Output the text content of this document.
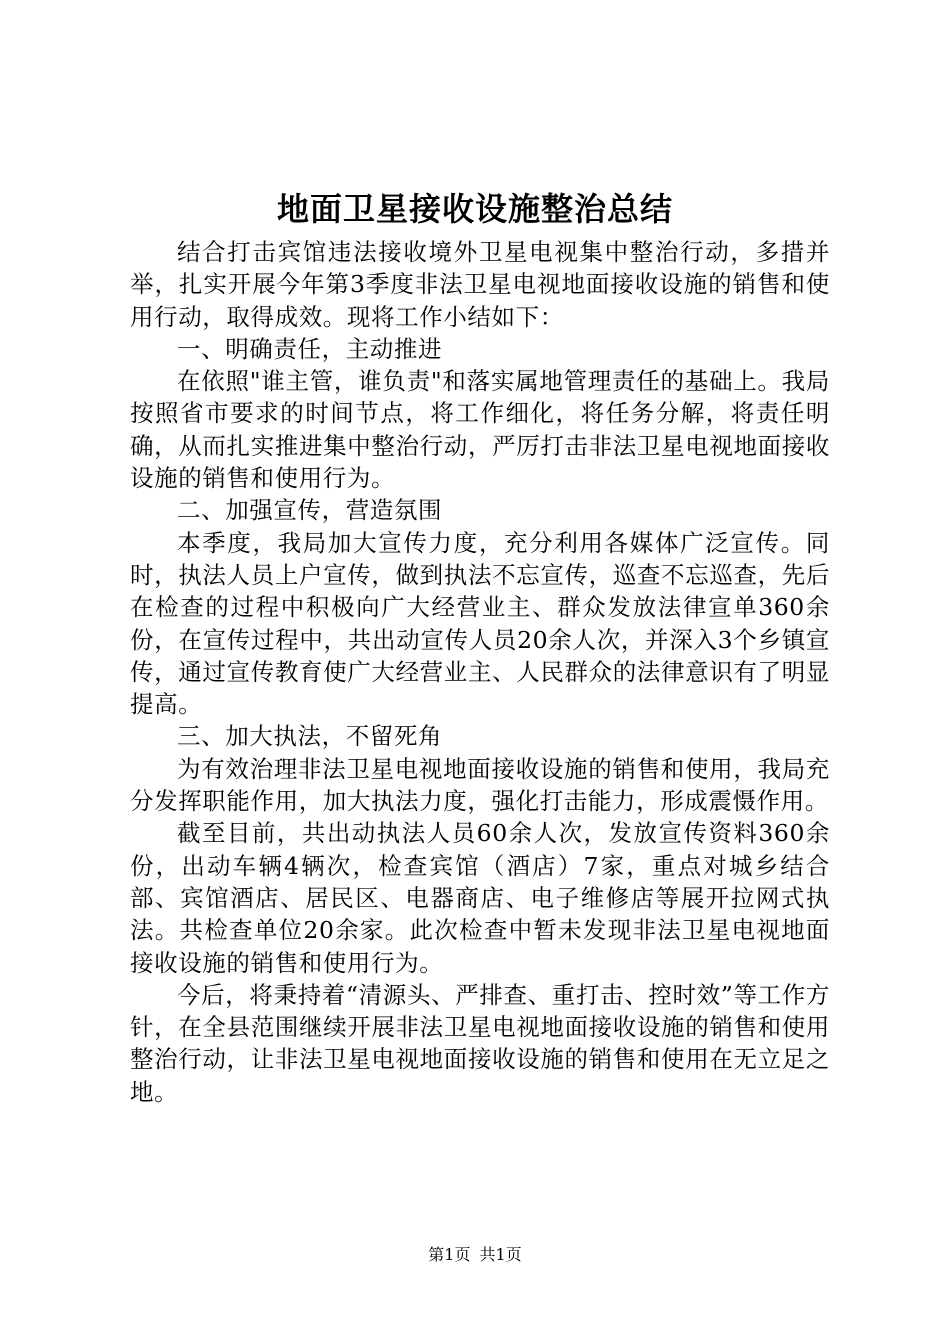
地面卫星接收设施整治总结

结合打击宾馆违法接收境外卫星电视集中整治行动，多措并举，扎实开展今年第3季度非法卫星电视地面接收设施的销售和使用行动，取得成效。现将工作小结如下：

一、明确责任，主动推进

在依照"谁主管，谁负责"和落实属地管理责任的基础上。我局按照省市要求的时间节点，将工作细化，将任务分解，将责任明确，从而扎实推进集中整治行动，严厉打击非法卫星电视地面接收设施的销售和使用行为。

二、加强宣传，营造氛围

本季度，我局加大宣传力度，充分利用各媒体广泛宣传。同时，执法人员上户宣传，做到执法不忘宣传，巡查不忘巡查，先后在检查的过程中积极向广大经营业主、群众发放法律宣单360余份，在宣传过程中，共出动宣传人员20余人次，并深入3个乡镇宣传，通过宣传教育使广大经营业主、人民群众的法律意识有了明显提高。

三、加大执法，不留死角

为有效治理非法卫星电视地面接收设施的销售和使用，我局充分发挥职能作用，加大执法力度，强化打击能力，形成震慑作用。

截至目前，共出动执法人员60余人次，发放宣传资料360余份，出动车辆4辆次，检查宾馆（酒店）7家，重点对城乡结合部、宾馆酒店、居民区、电器商店、电子维修店等展开拉网式执法。共检查单位20余家。此次检查中暂未发现非法卫星电视地面接收设施的销售和使用行为。

今后，将秉持着“清源头、严排查、重打击、控时效”等工作方针，在全县范围继续开展非法卫星电视地面接收设施的销售和使用整治行动，让非法卫星电视地面接收设施的销售和使用在无立足之地。

第1页 共1页
